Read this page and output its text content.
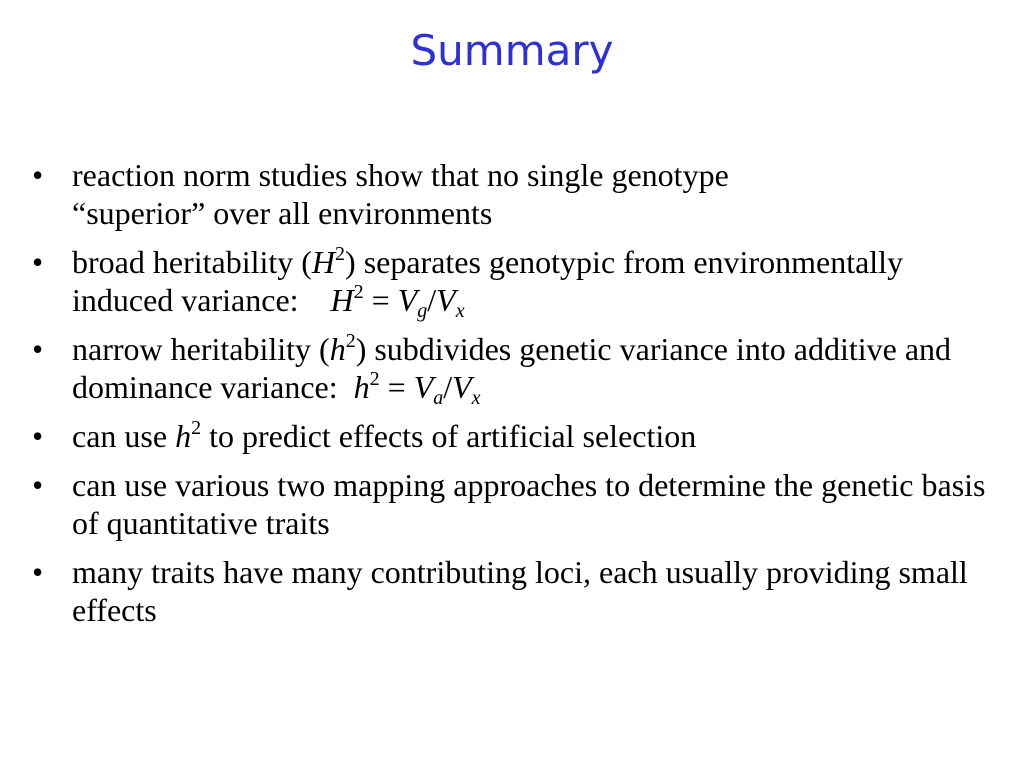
Summary
• reaction norm studies show that no single genotype
“superior” over all environments
• broad heritability $(H^2)$ separates genotypic from environmentally induced variance: $H^2 = V_g/V_x$
• narrow heritability $(h^2)$ subdivides genetic variance into additive and dominance variance: $h^2 = V_a/V_x$
• can use $h^2$ to predict effects of artificial selection
• can use various two mapping approaches to determine the genetic basis of quantitative traits
• many traits have many contributing loci, each usually providing small effects
